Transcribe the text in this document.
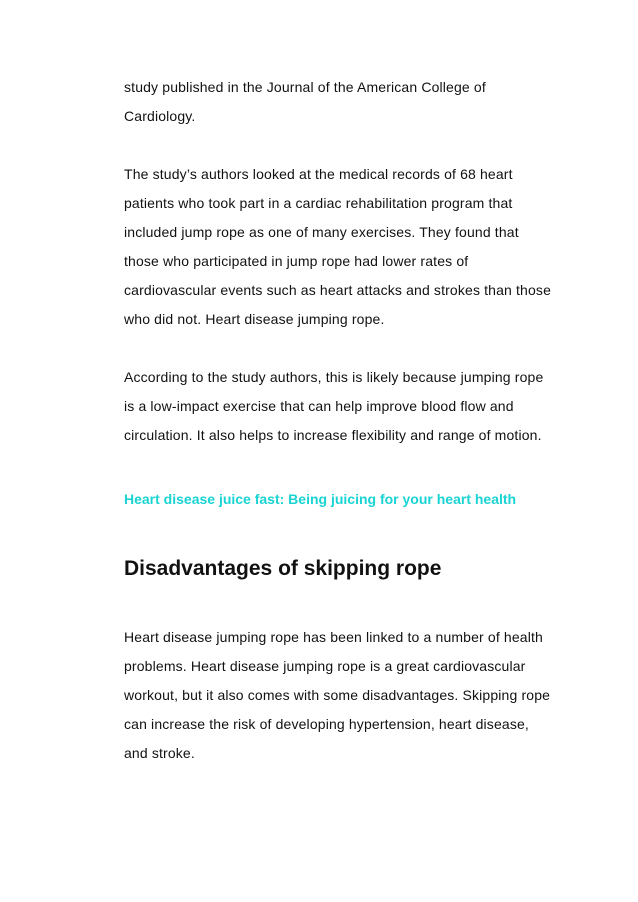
study published in the Journal of the American College of
Cardiology.
The study’s authors looked at the medical records of 68 heart
patients who took part in a cardiac rehabilitation program that
included jump rope as one of many exercises. They found that
those who participated in jump rope had lower rates of
cardiovascular events such as heart attacks and strokes than those
who did not. Heart disease jumping rope.
According to the study authors, this is likely because jumping rope
is a low-impact exercise that can help improve blood flow and
circulation. It also helps to increase flexibility and range of motion.
Heart disease juice fast: Being juicing for your heart health
Disadvantages of skipping rope
Heart disease jumping rope has been linked to a number of health
problems. Heart disease jumping rope is a great cardiovascular
workout, but it also comes with some disadvantages. Skipping rope
can increase the risk of developing hypertension, heart disease,
and stroke.
